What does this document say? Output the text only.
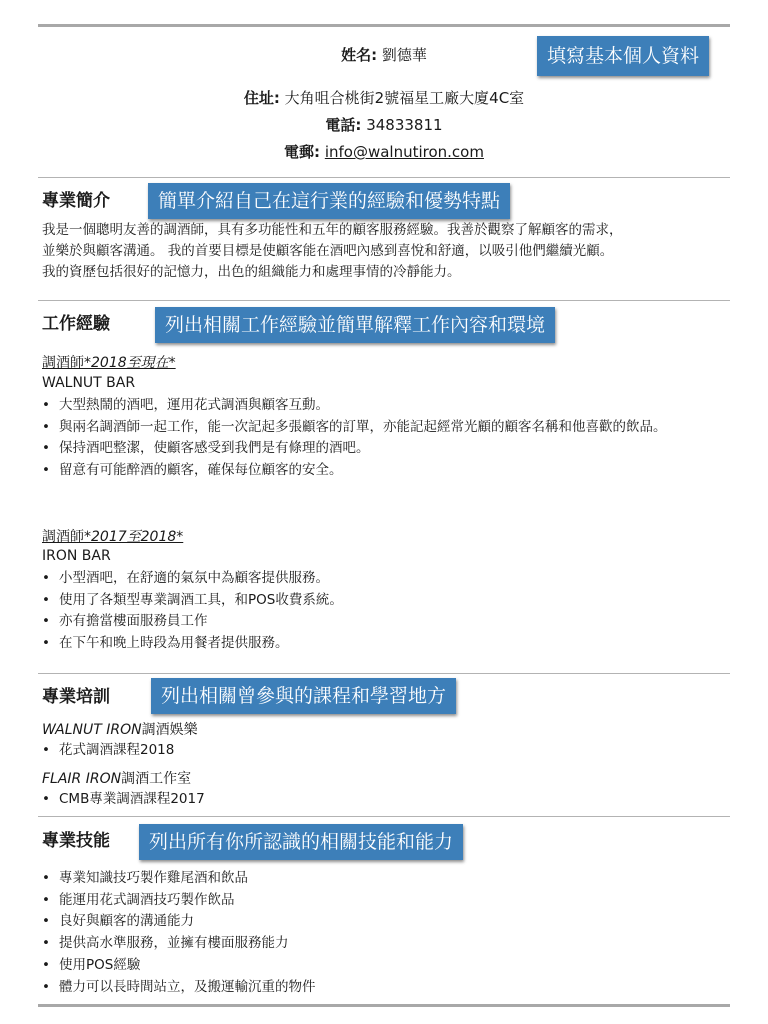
姓名: 劉德華	填寫基本個人資料
住址: 大角咀合桃街2號福星工廠大廈4C室
電話: 34833811
電郵: info@walnutiron.com
專業簡介	簡單介紹自己在這行業的經驗和優勢特點
我是一個聰明友善的調酒師，具有多功能性和五年的顧客服務經驗。我善於觀察了解顧客的需求，
並樂於與顧客溝通。 我的首要目標是使顧客能在酒吧內感到喜悅和舒適，以吸引他們繼續光顧。
我的資歷包括很好的記憶力，出色的組織能力和處理事情的冷靜能力。
工作經驗	列出相關工作經驗並簡單解釋工作內容和環境
調酒師*2018至現在*
WALNUT BAR
• 大型熱鬧的酒吧，運用花式調酒與顧客互動。
• 與兩名調酒師一起工作，能一次記起多張顧客的訂單，亦能記起經常光顧的顧客名稱和他喜歡的飲品。
• 保持酒吧整潔，使顧客感受到我們是有條理的酒吧。
• 留意有可能醉酒的顧客，確保每位顧客的安全。
調酒師*2017至2018*
IRON BAR
• 小型酒吧，在舒適的氣氛中為顧客提供服務。
• 使用了各類型專業調酒工具，和POS收費系統。
• 亦有擔當樓面服務員工作
• 在下午和晚上時段為用餐者提供服務。
專業培訓	列出相關曾參與的課程和學習地方
WALNUT IRON調酒娛樂
• 花式調酒課程2018
FLAIR IRON調酒工作室
• CMB專業調酒課程2017
專業技能	列出所有你所認識的相關技能和能力
• 專業知識技巧製作雞尾酒和飲品
• 能運用花式調酒技巧製作飲品
• 良好與顧客的溝通能力
• 提供高水準服務，並擁有樓面服務能力
• 使用POS經驗
• 體力可以長時間站立，及搬運輸沉重的物件
